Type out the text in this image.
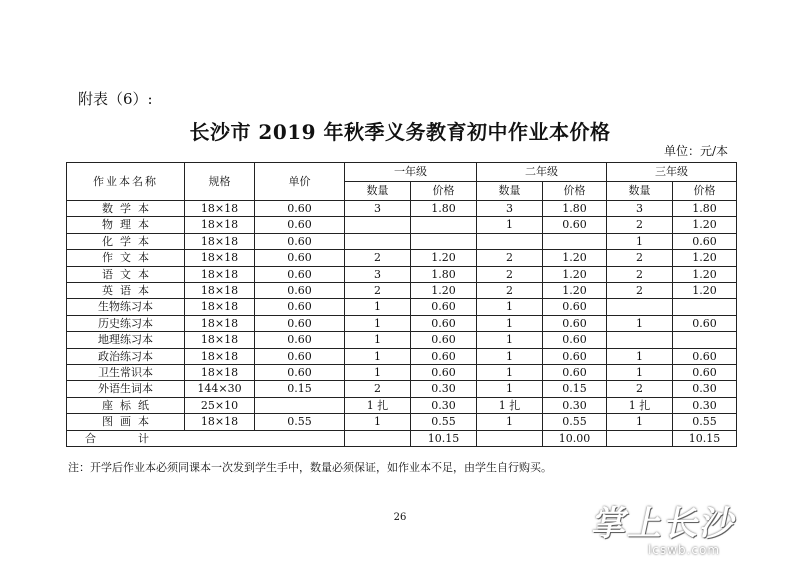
附表（6）:
长沙市 2019 年秋季义务教育初中作业本价格
单位：元/本
作业本名称	规格	单价	一年级		二年级		三年级	
			数量	价格	数量	价格	数量	价格
数  学  本	18×18	0.60	3	1.80	3	1.80	3	1.80
物  理  本	18×18	0.60			1	0.60	2	1.20
化  学  本	18×18	0.60					1	0.60
作  文  本	18×18	0.60	2	1.20	2	1.20	2	1.20
语  文  本	18×18	0.60	3	1.80	2	1.20	2	1.20
英  语  本	18×18	0.60	2	1.20	2	1.20	2	1.20
生物练习本	18×18	0.60	1	0.60	1	0.60		
历史练习本	18×18	0.60	1	0.60	1	0.60	1	0.60
地理练习本	18×18	0.60	1	0.60	1	0.60		
政治练习本	18×18	0.60	1	0.60	1	0.60	1	0.60
卫生常识本	18×18	0.60	1	0.60	1	0.60	1	0.60
外语生词本	144×30	0.15	2	0.30	1	0.15	2	0.30
座  标  纸	25×10		1 扎	0.30	1 扎	0.30	1 扎	0.30
图  画  本	18×18	0.55	1	0.55	1	0.55	1	0.55
合            计				10.15		10.00		10.15
注：开学后作业本必须同课本一次发到学生手中，数量必须保证，如作业本不足，由学生自行购买。
26	掌上长沙
lcswb.com
